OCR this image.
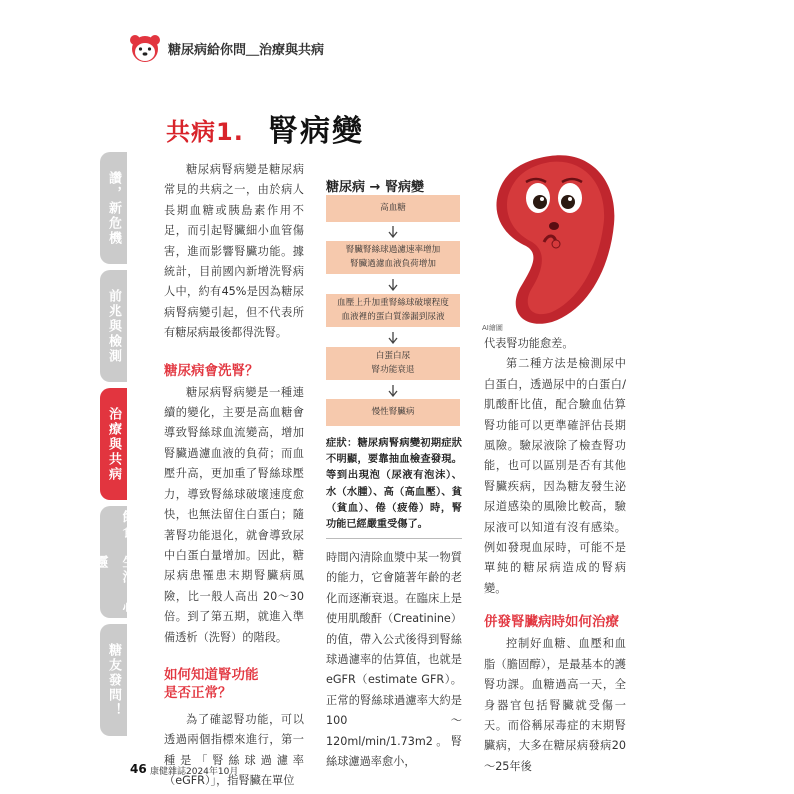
糖尿病給你問＿治療與共病
共病1. 腎病變
讚，新危機
前兆與檢測
治療與共病
飲食、生活、心靈
糖友發問！

糖尿病腎病變是糖尿病常見的共病之一，由於病人長期血糖或胰島素作用不足，而引起腎臟細小血管傷害，進而影響腎臟功能。據統計，目前國內新增洗腎病人中，約有45%是因為糖尿病腎病變引起，但不代表所有糖尿病最後都得洗腎。

糖尿病會洗腎？

糖尿病腎病變是一種連續的變化，主要是高血糖會導致腎絲球血流變高，增加腎臟過濾血液的負荷；而血壓升高，更加重了腎絲球壓力，導致腎絲球破壞速度愈快，也無法留住白蛋白；隨著腎功能退化，就會導致尿中白蛋白量增加。因此，糖尿病患罹患末期腎臟病風險，比一般人高出 20～30倍。到了第五期，就進入準備透析（洗腎）的階段。

如何知道腎功能
是否正常？

為了確認腎功能，可以透過兩個指標來進行，第一種是「腎絲球過濾率（eGFR）」，指腎臟在單位

糖尿病 → 腎病變
高血糖
腎臟腎絲球過濾速率增加
腎臟過濾血液負荷增加
血壓上升加重腎絲球破壞程度
血液裡的蛋白質滲漏到尿液
白蛋白尿
腎功能衰退
慢性腎臟病
症狀：糖尿病腎病變初期症狀不明顯，要靠抽血檢查發現。等到出現泡（尿液有泡沫）、水（水腫）、高（高血壓）、貧（貧血）、倦（疲倦）時，腎功能已經嚴重受傷了。

時間內清除血漿中某一物質的能力，它會隨著年齡的老化而逐漸衰退。在臨床上是使用肌酸酐（Creatinine）的值，帶入公式後得到腎絲球過濾率的估算值，也就是 eGFR（estimate GFR）。正常的腎絲球過濾率大約是100～120ml/min/1.73m2。腎絲球濾過率愈小，

AI繪圖

代表腎功能愈差。

第二種方法是檢測尿中白蛋白，透過尿中的白蛋白/肌酸酐比值，配合驗血估算腎功能可以更準確評估長期風險。驗尿液除了檢查腎功能，也可以區別是否有其他腎臟疾病，因為糖友發生泌尿道感染的風險比較高，驗尿液可以知道有沒有感染。例如發現血尿時，可能不是單純的糖尿病造成的腎病變。

併發腎臟病時如何治療

控制好血糖、血壓和血脂（膽固醇），是最基本的護腎功課。血糖過高一天，全身器官包括腎臟就受傷一天。而俗稱尿毒症的末期腎臟病，大多在糖尿病發病20～25年後

46 康健雜誌2024年10月
